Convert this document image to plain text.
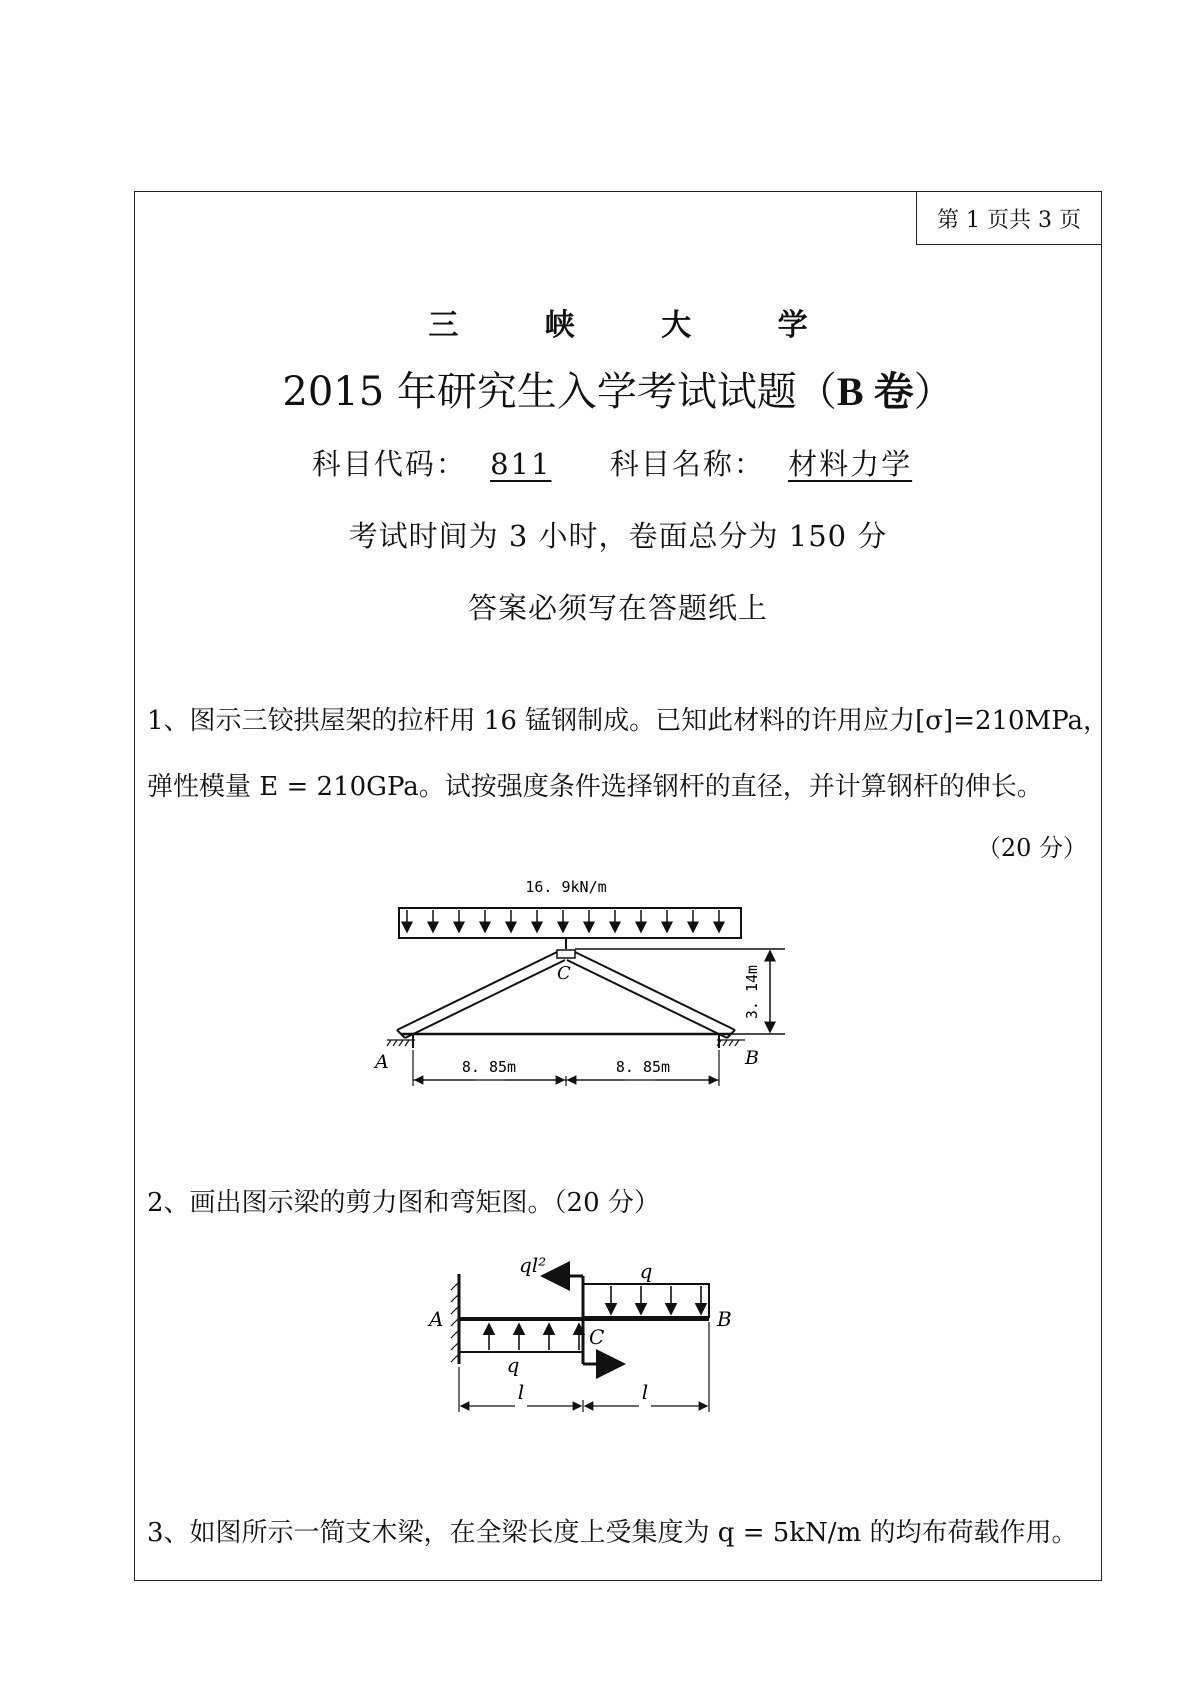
第 1 页共 3 页
三 峡 大 学
2015 年研究生入学考试试题（B 卷）
科目代码： 811 科目名称： 材料力学
考试时间为 3 小时，卷面总分为 150 分
答案必须写在答题纸上
1、图示三铰拱屋架的拉杆用 16 锰钢制成。已知此材料的许用应力[σ]=210MPa，
弹性模量 E = 210GPa。试按强度条件选择钢杆的直径，并计算钢杆的伸长。
（20 分）
16. 9kN/m
C
A	B
3. 14m
8. 85m	8. 85m
2、画出图示梁的剪力图和弯矩图。（20 分）
A
q
q
ql²
C
B
l	l
3、如图所示一简支木梁，在全梁长度上受集度为 q = 5kN/m 的均布荷载作用。
